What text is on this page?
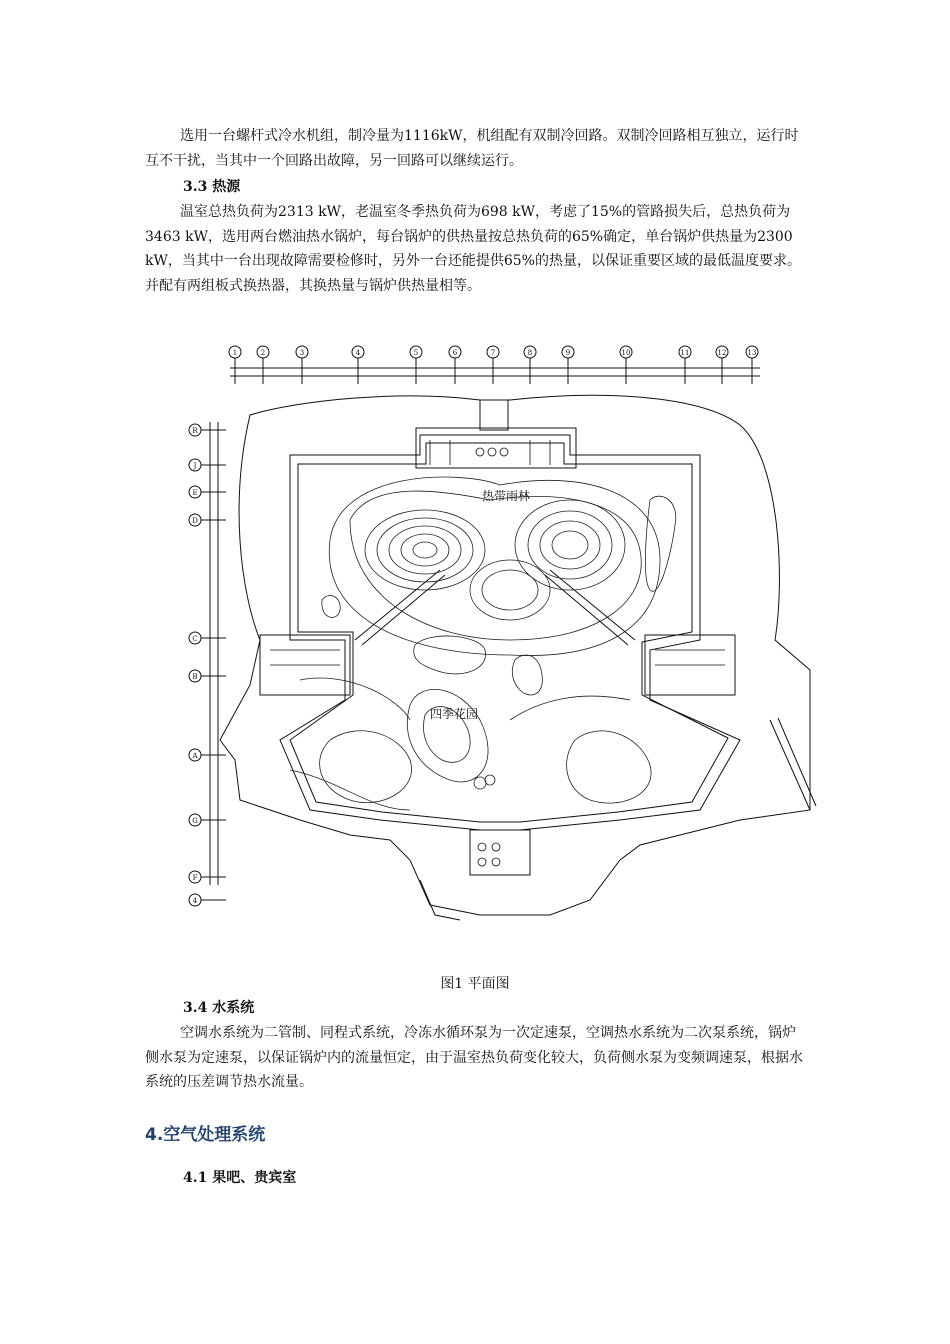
选用一台螺杆式冷水机组，制冷量为1116kW，机组配有双制冷回路。双制冷回路相互独立，运行时互不干扰，当其中一个回路出故障，另一回路可以继续运行。

3.3 热源

温室总热负荷为2313 kW，老温室冬季热负荷为698 kW，考虑了15%的管路损失后，总热负荷为3463 kW，选用两台燃油热水锅炉，每台锅炉的供热量按总热负荷的65%确定，单台锅炉供热量为2300 kW，当其中一台出现故障需要检修时，另外一台还能提供65%的热量，以保证重要区域的最低温度要求。并配有两组板式换热器，其换热量与锅炉供热量相等。

1	2	3	4	5	6	7	8	9	10	11	12	13
R
J
E
D
C
B
A
G
F
4
热带雨林
四季花园

图1 平面图

3.4 水系统

空调水系统为二管制、同程式系统，冷冻水循环泵为一次定速泵，空调热水系统为二次泵系统，锅炉侧水泵为定速泵，以保证锅炉内的流量恒定，由于温室热负荷变化较大，负荷侧水泵为变频调速泵，根据水系统的压差调节热水流量。

4.空气处理系统

4.1 果吧、贵宾室
